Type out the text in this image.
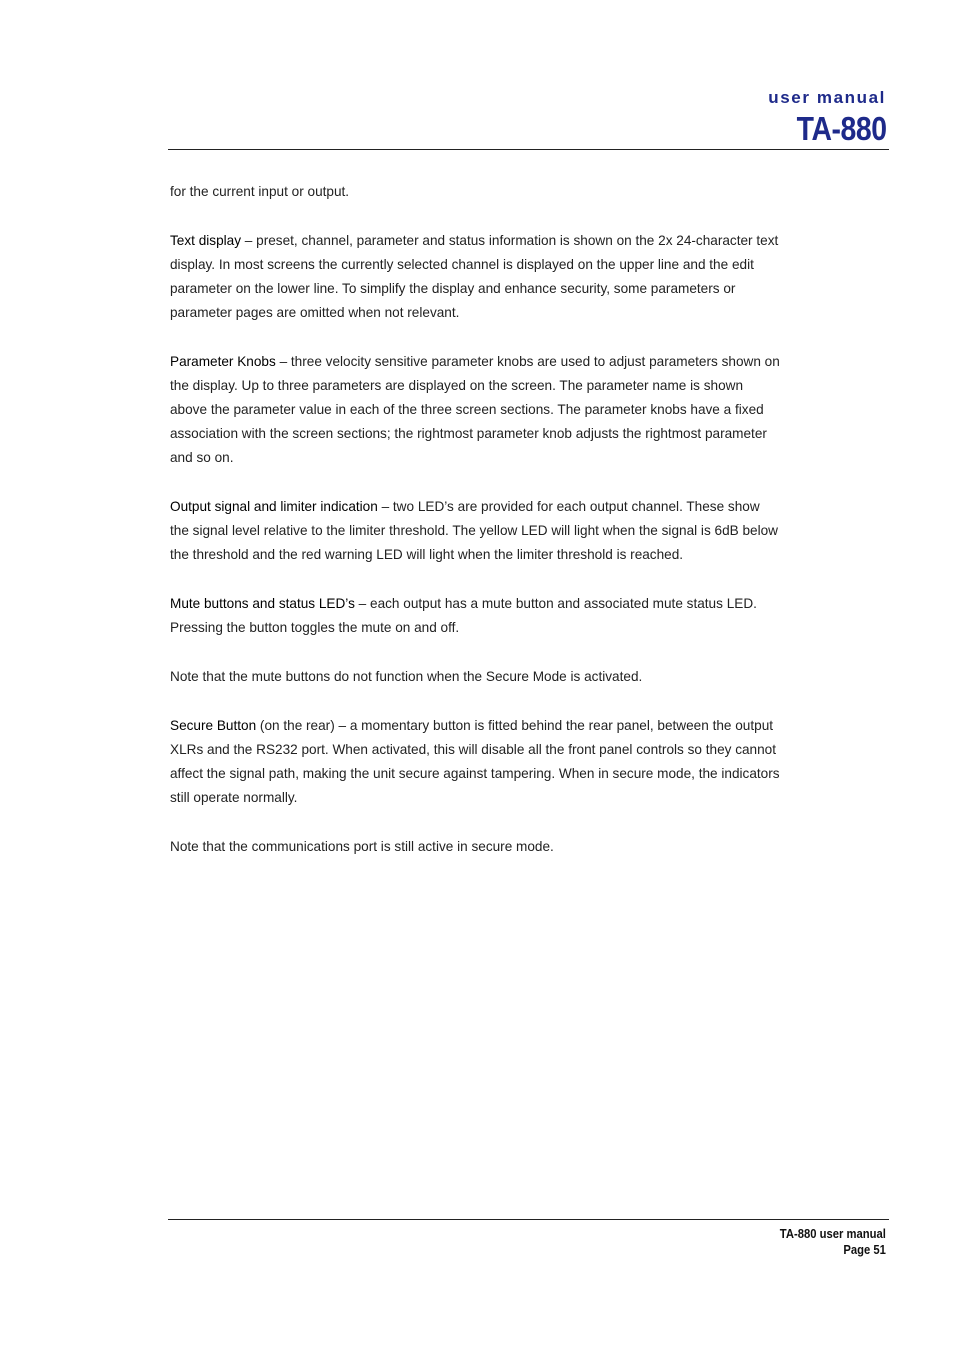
user manual
TA-880

for the current input or output.

Text display – preset, channel, parameter and status information is shown on the 2x 24-character text display. In most screens the currently selected channel is displayed on the upper line and the edit parameter on the lower line. To simplify the display and enhance security, some parameters or parameter pages are omitted when not relevant.

Parameter Knobs – three velocity sensitive parameter knobs are used to adjust parameters shown on the display. Up to three parameters are displayed on the screen. The parameter name is shown above the parameter value in each of the three screen sections. The parameter knobs have a fixed association with the screen sections; the rightmost parameter knob adjusts the rightmost parameter and so on.

Output signal and limiter indication – two LED’s are provided for each output channel. These show the signal level relative to the limiter threshold. The yellow LED will light when the signal is 6dB below the threshold and the red warning LED will light when the limiter threshold is reached.

Mute buttons and status LED’s – each output has a mute button and associated mute status LED. Pressing the button toggles the mute on and off.

Note that the mute buttons do not function when the Secure Mode is activated.

Secure Button (on the rear) – a momentary button is fitted behind the rear panel, between the output XLRs and the RS232 port. When activated, this will disable all the front panel controls so they cannot affect the signal path, making the unit secure against tampering. When in secure mode, the indicators still operate normally.

Note that the communications port is still active in secure mode.

TA-880 user manual
Page 51
